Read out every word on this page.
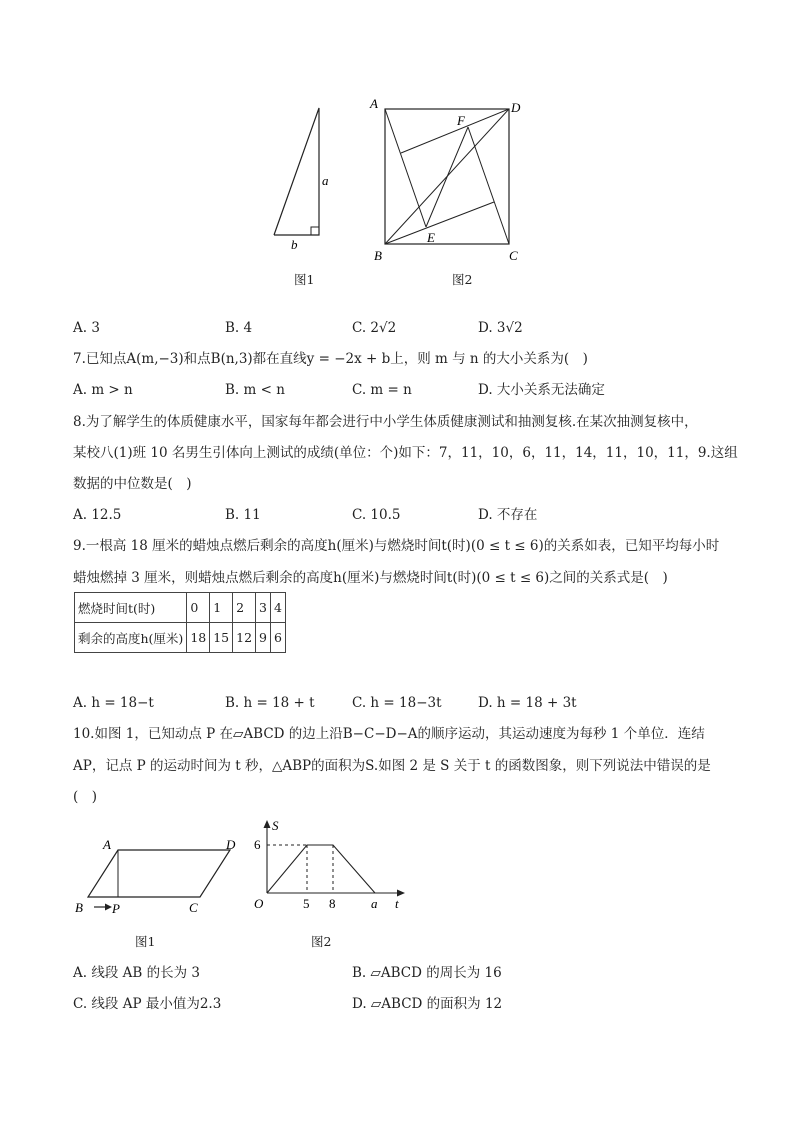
a
b
图1
A	D
B	C
E
F
图2
A. 3	B. 4	C. 2√2	D. 3√2
7.已知点A(m,−3)和点B(n,3)都在直线y = −2x + b上，则 m 与 n 的大小关系为(　)
A. m > n	B. m < n	C. m = n	D. 大小关系无法确定
8.为了解学生的体质健康水平，国家每年都会进行中小学生体质健康测试和抽测复核.在某次抽测复核中，
某校八(1)班 10 名男生引体向上测试的成绩(单位：个)如下：7，11，10，6，11，14，11，10，11，9.这组
数据的中位数是(　)
A. 12.5	B. 11	C. 10.5	D. 不存在
9.一根高 18 厘米的蜡烛点燃后剩余的高度h(厘米)与燃烧时间t(时)(0 ≤ t ≤ 6)的关系如表，已知平均每小时
蜡烛燃掉 3 厘米，则蜡烛点燃后剩余的高度h(厘米)与燃烧时间t(时)(0 ≤ t ≤ 6)之间的关系式是(　)
燃烧时间t(时)	0	1	2	3	4
剩余的高度h(厘米)	18	15	12	9	6
A. h = 18−t	B. h = 18 + t	C. h = 18−3t	D. h = 18 + 3t
10.如图 1，已知动点 P 在▱ABCD 的边上沿B−C−D−A的顺序运动，其运动速度为每秒 1 个单位．连结
AP，记点 P 的运动时间为 t 秒，△ABP的面积为S.如图 2 是 S 关于 t 的函数图象，则下列说法中错误的是
(　)
A	D
B P	C
图1
S
O
6
5 8	a t
图2
A. 线段 AB 的长为 3	B. ▱ABCD 的周长为 16
C. 线段 AP 最小值为2.3	D. ▱ABCD 的面积为 12
